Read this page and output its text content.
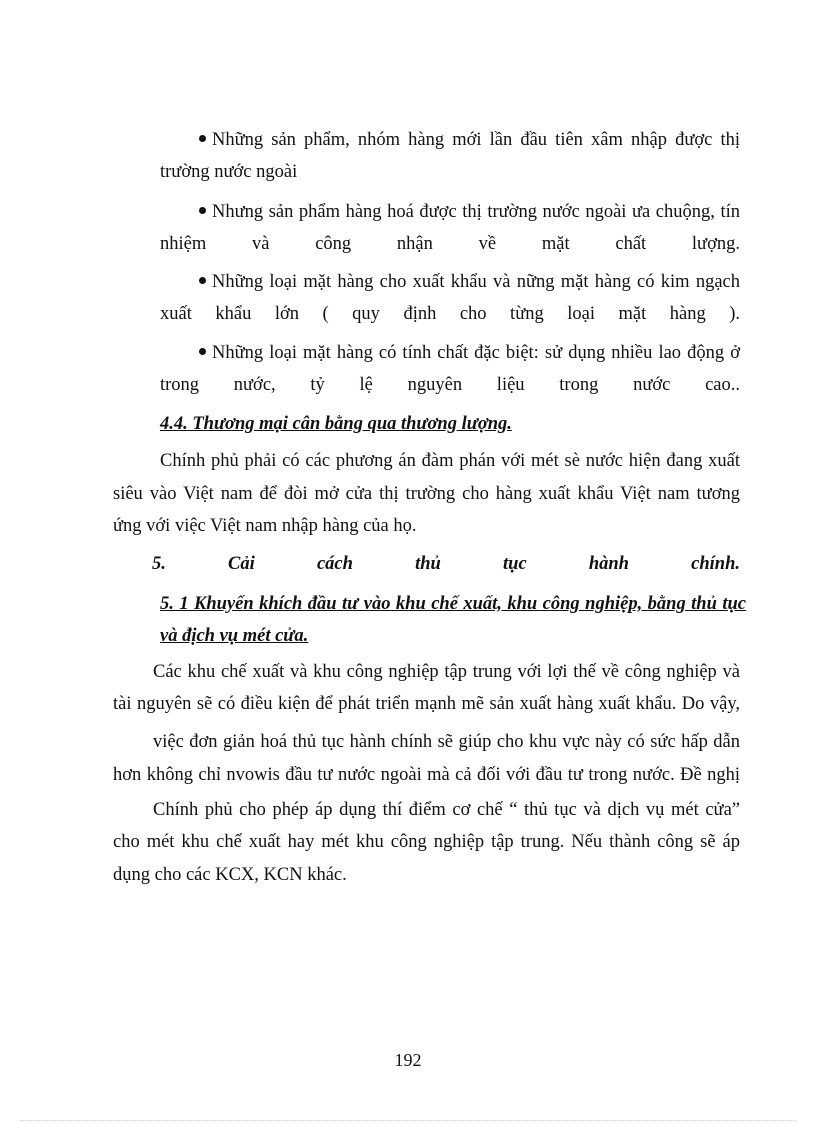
Những sản phẩm, nhóm hàng mới lần đầu tiên xâm nhập được thị
trường nước ngoài
Nhưng sản phẩm hàng hoá được thị trường nước ngoài ưa chuộng, tín
nhiệm và công nhận về mặt chất lượng.
Những loại mặt hàng cho xuất khẩu và nững mặt hàng có kim ngạch
xuất khẩu lớn ( quy định cho từng loại mặt hàng ).
Những loại mặt hàng có tính chất đặc biệt: sử dụng nhiều lao động ở
trong nước, tỷ lệ nguyên liệu trong nước cao..
4.4. Thương mại cân bằng qua thương lượng.
Chính phủ phải có các phương án đàm phán với mét sè nước hiện đang xuất
siêu vào Việt nam để đòi mở cửa thị trường cho hàng xuất khẩu Việt nam tương
ứng với việc Việt nam nhập hàng của họ.
5. Cải cách thủ tục hành chính.
5. 1 Khuyến khích đầu tư vào khu chế xuất, khu công nghiệp, bằng thủ tục
và địch vụ mét cửa.
Các khu chế xuất và khu công nghiệp tập trung với lợi thế về công nghiệp và
tài nguyên sẽ có điều kiện để phát triển mạnh mẽ sản xuất hàng xuất khẩu. Do vậy,
việc đơn giản hoá thủ tục hành chính sẽ giúp cho khu vực này có sức hấp dẫn
hơn không chỉ nvowis đầu tư nước ngoài mà cả đối với đầu tư trong nước. Đề nghị
Chính phủ cho phép áp dụng thí điểm cơ chế “ thủ tục và dịch vụ mét cửa”
cho mét khu chế xuất hay mét khu công nghiệp tập trung. Nếu thành công sẽ áp
dụng cho các KCX, KCN khác.
192
